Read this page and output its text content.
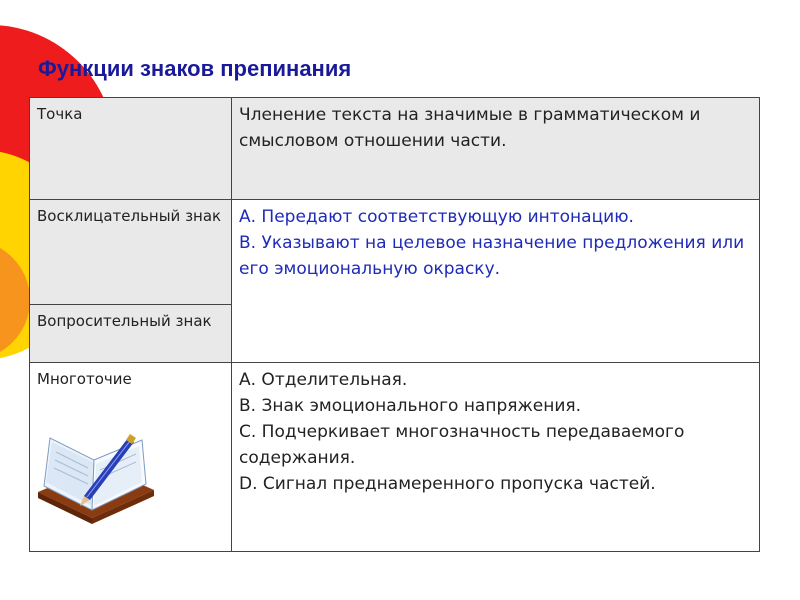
Функции знаков препинания
Точка	Членение текста на значимые в грамматическом и смысловом отношении части.
Восклицательный знак	А. Передают соответствующую интонацию.
В. Указывают на целевое назначение предложения или его эмоциональную окраску.

Вопросительный знак	
Многоточие	А. Отделительная.
В. Знак эмоционального напряжения.
С. Подчеркивает многозначность передаваемого содержания.
D. Сигнал преднамеренного пропуска частей.
